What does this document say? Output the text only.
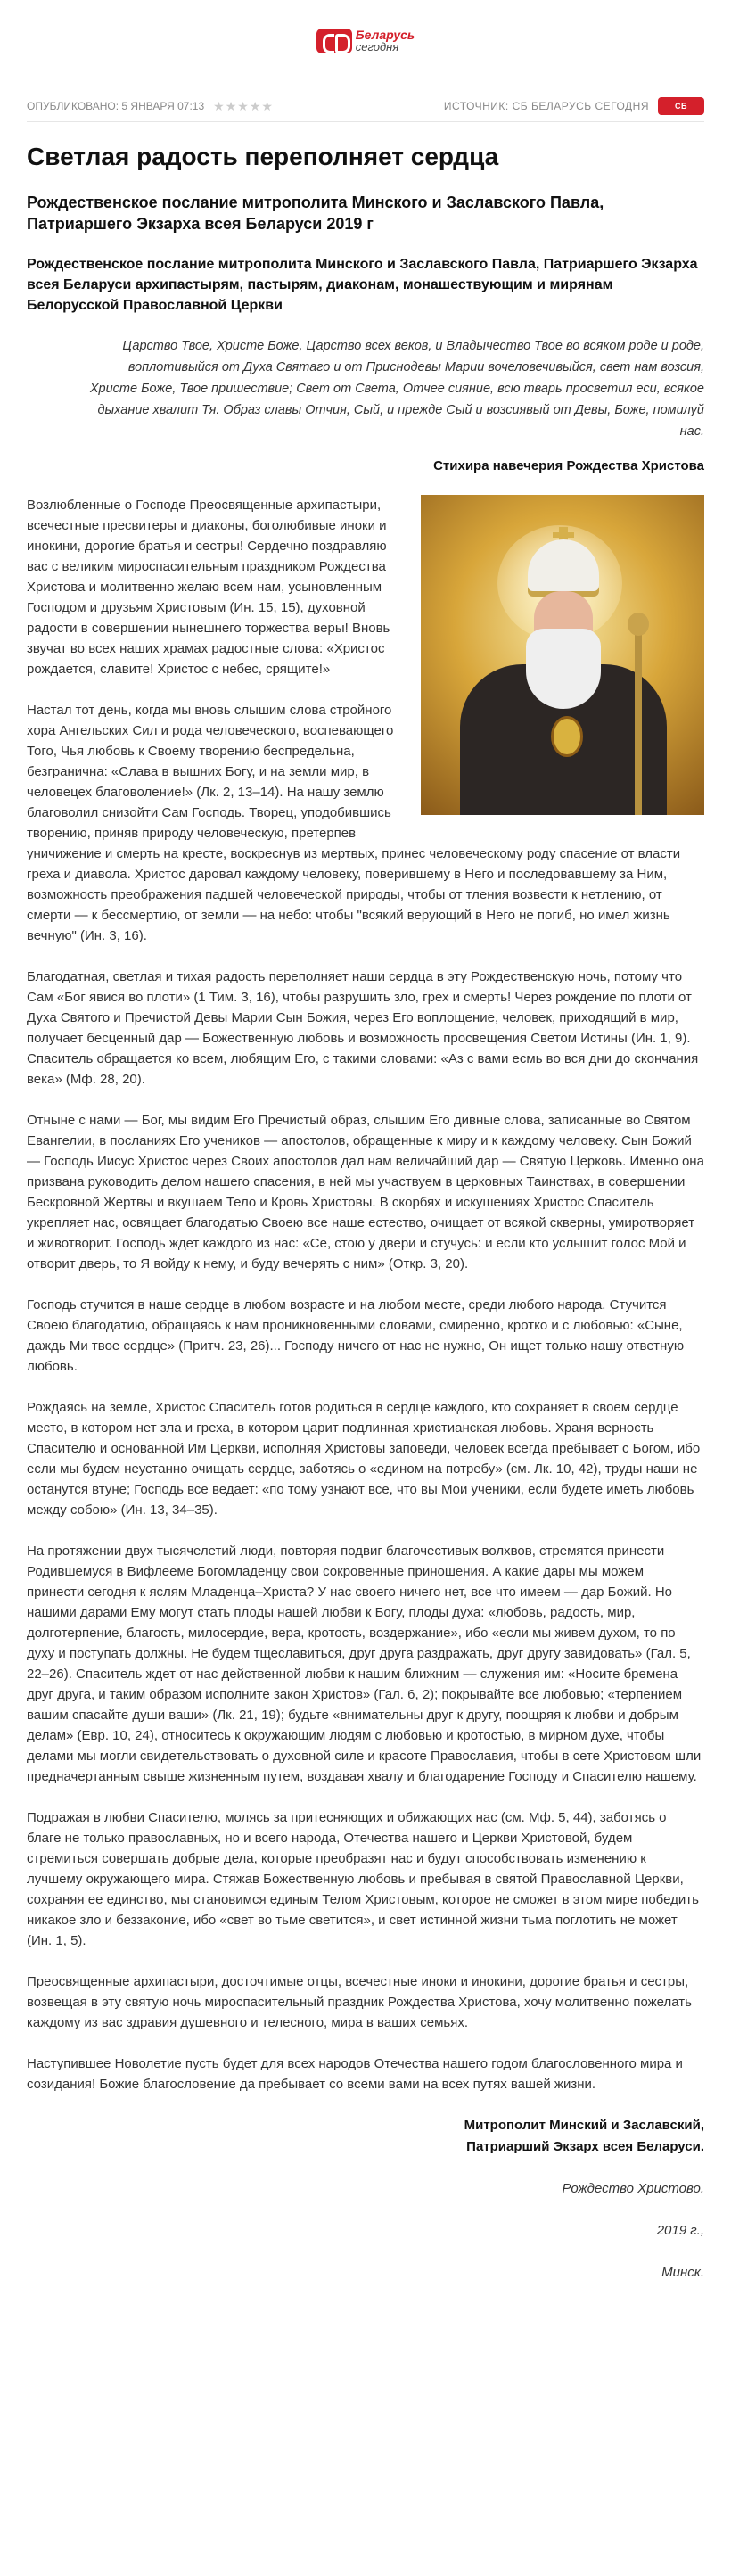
Беларусь
сегодня
ОПУБЛИКОВАНО: 5 ЯНВАРЯ 07:13 ★★★★★	ИСТОЧНИК: СБ БЕЛАРУСЬ СЕГОДНЯ	СБ
Светлая радость переполняет сердца
Рождественское послание митрополита Минского и Заславского Павла, Патриаршего Экзарха всея Беларуси 2019 г
Рождественское послание митрополита Минского и Заславского Павла, Патриаршего Экзарха всея Беларуси архипастырям, пастырям, диаконам, монашествующим и мирянам Белорусской Православной Церкви

Царство Твое, Христе Боже, Царство всех веков, и Владычество Твое во всяком роде и роде, воплотивыйся от Духа Святаго и от Приснодевы Марии вочеловечивыйся, свет нам возсия, Христе Боже, Твое пришествие; Свет от Света, Отчее сияние, всю тварь просветил еси, всякое дыхание хвалит Тя. Образ славы Отчия, Сый, и прежде Сый и возсиявый от Девы, Боже, помилуй нас.

Стихира навечерия Рождества Христова

Возлюбленные о Господе Преосвященные архипастыри, всечестные пресвитеры и диаконы, боголюбивые иноки и инокини, дорогие братья и сестры! Сердечно поздравляю вас с великим мироспасительным праздником Рождества Христова и молитвенно желаю всем нам, усыновленным Господом и друзьям Христовым (Ин. 15, 15), духовной радости в совершении нынешнего торжества веры! Вновь звучат во всех наших храмах радостные слова: «Христос рождается, славите! Христос с небес, срящите!»

Настал тот день, когда мы вновь слышим слова стройного хора Ангельских Сил и рода человеческого, воспевающего Того, Чья любовь к Своему творению беспредельна, безгранична: «Слава в вышних Богу, и на земли мир, в человецех благоволение!» (Лк. 2, 13–14). На нашу землю благоволил снизойти Сам Господь. Творец, уподобившись творению, приняв природу человеческую, претерпев уничижение и смерть на кресте, воскреснув из мертвых, принес человеческому роду спасение от власти греха и диавола. Христос даровал каждому человеку, поверившему в Него и последовавшему за Ним, возможность преображения падшей человеческой природы, чтобы от тления возвести к нетлению, от смерти — к бессмертию, от земли — на небо: чтобы "всякий верующий в Него не погиб, но имел жизнь вечную" (Ин. 3, 16).

Благодатная, светлая и тихая радость переполняет наши сердца в эту Рождественскую ночь, потому что Сам «Бог явися во плоти» (1 Тим. 3, 16), чтобы разрушить зло, грех и смерть! Через рождение по плоти от Духа Святого и Пречистой Девы Марии Сын Божия, через Его воплощение, человек, приходящий в мир, получает бесценный дар — Божественную любовь и возможность просвещения Светом Истины (Ин. 1, 9). Спаситель обращается ко всем, любящим Его, с такими словами: «Аз с вами есмь во вся дни до скончания века» (Мф. 28, 20).

Отныне с нами — Бог, мы видим Его Пречистый образ, слышим Его дивные слова, записанные во Святом Евангелии, в посланиях Его учеников — апостолов, обращенные к миру и к каждому человеку. Сын Божий — Господь Иисус Христос через Своих апостолов дал нам величайший дар — Святую Церковь. Именно она призвана руководить делом нашего спасения, в ней мы участвуем в церковных Таинствах, в совершении Бескровной Жертвы и вкушаем Тело и Кровь Христовы. В скорбях и искушениях Христос Спаситель укрепляет нас, освящает благодатью Своею все наше естество, очищает от всякой скверны, умиротворяет и животворит. Господь ждет каждого из нас: «Се, стою у двери и стучусь: и если кто услышит голос Мой и отворит дверь, то Я войду к нему, и буду вечерять с ним» (Откр. 3, 20).

Господь стучится в наше сердце в любом возрасте и на любом месте, среди любого народа. Стучится Своею благодатию, обращаясь к нам проникновенными словами, смиренно, кротко и с любовью: «Сыне, даждь Ми твое сердце» (Притч. 23, 26)... Господу ничего от нас не нужно, Он ищет только нашу ответную любовь.

Рождаясь на земле, Христос Спаситель готов родиться в сердце каждого, кто сохраняет в своем сердце место, в котором нет зла и греха, в котором царит подлинная христианская любовь. Храня верность Спасителю и основанной Им Церкви, исполняя Христовы заповеди, человек всегда пребывает с Богом, ибо если мы будем неустанно очищать сердце, заботясь о «едином на потребу» (см. Лк. 10, 42), труды наши не останутся втуне; Господь все ведает: «по тому узнают все, что вы Мои ученики, если будете иметь любовь между собою» (Ин. 13, 34–35).

На протяжении двух тысячелетий люди, повторяя подвиг благочестивых волхвов, стремятся принести Родившемуся в Вифлееме Богомладенцу свои сокровенные приношения. А какие дары мы можем принести сегодня к яслям Младенца–Христа? У нас своего ничего нет, все что имеем — дар Божий. Но нашими дарами Ему могут стать плоды нашей любви к Богу, плоды духа: «любовь, радость, мир, долготерпение, благость, милосердие, вера, кротость, воздержание», ибо «если мы живем духом, то по духу и поступать должны. Не будем тщеславиться, друг друга раздражать, друг другу завидовать» (Гал. 5, 22–26). Спаситель ждет от нас действенной любви к нашим ближним — служения им: «Носите бремена друг друга, и таким образом исполните закон Христов» (Гал. 6, 2); покрывайте все любовью; «терпением вашим спасайте души ваши» (Лк. 21, 19); будьте «внимательны друг к другу, поощряя к любви и добрым делам» (Евр. 10, 24), относитесь к окружающим людям с любовью и кротостью, в мирном духе, чтобы делами мы могли свидетельствовать о духовной силе и красоте Православия, чтобы в сете Христовом шли предначертанным свыше жизненным путем, воздавая хвалу и благодарение Господу и Спасителю нашему.

Подражая в любви Спасителю, молясь за притесняющих и обижающих нас (см. Мф. 5, 44), заботясь о благе не только православных, но и всего народа, Отечества нашего и Церкви Христовой, будем стремиться совершать добрые дела, которые преобразят нас и будут способствовать изменению к лучшему окружающего мира. Стяжав Божественную любовь и пребывая в святой Православной Церкви, сохраняя ее единство, мы становимся единым Телом Христовым, которое не сможет в этом мире победить никакое зло и беззаконие, ибо «свет во тьме светится», и свет истинной жизни тьма поглотить не может (Ин. 1, 5).

Преосвященные архипастыри, досточтимые отцы, всечестные иноки и инокини, дорогие братья и сестры, возвещая в эту святую ночь мироспасительный праздник Рождества Христова, хочу молитвенно пожелать каждому из вас здравия душевного и телесного, мира в ваших семьях.

Наступившее Новолетие пусть будет для всех народов Отечества нашего годом благословенного мира и созидания! Божие благословение да пребывает со всеми вами на всех путях вашей жизни.

Митрополит Минский и Заславский,
Патриарший Экзарх всея Беларуси.

Рождество Христово.

2019 г.,

Минск.
